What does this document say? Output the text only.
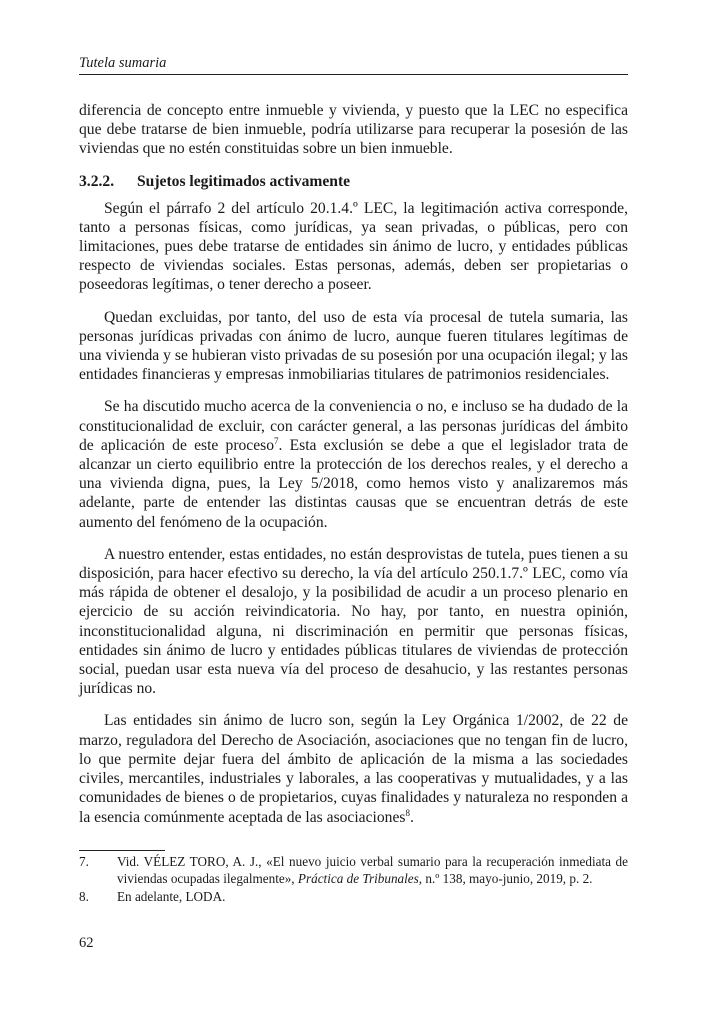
Tutela sumaria

diferencia de concepto entre inmueble y vivienda, y puesto que la LEC no especifica que debe tratarse de bien inmueble, podría utilizarse para recuperar la posesión de las viviendas que no estén constituidas sobre un bien inmueble.

3.2.2. Sujetos legitimados activamente

Según el párrafo 2 del artículo 20.1.4.º LEC, la legitimación activa corresponde, tanto a personas físicas, como jurídicas, ya sean privadas, o públicas, pero con limitaciones, pues debe tratarse de entidades sin ánimo de lucro, y entidades públicas respecto de viviendas sociales. Estas personas, además, deben ser propietarias o poseedoras legítimas, o tener derecho a poseer.

Quedan excluidas, por tanto, del uso de esta vía procesal de tutela sumaria, las personas jurídicas privadas con ánimo de lucro, aunque fueren titulares legítimas de una vivienda y se hubieran visto privadas de su posesión por una ocupación ilegal; y las entidades financieras y empresas inmobiliarias titulares de patrimonios residenciales.

Se ha discutido mucho acerca de la conveniencia o no, e incluso se ha dudado de la constitucionalidad de excluir, con carácter general, a las personas jurídicas del ámbito de aplicación de este proceso$^7$. Esta exclusión se debe a que el legislador trata de alcanzar un cierto equilibrio entre la protección de los derechos reales, y el derecho a una vivienda digna, pues, la Ley 5/2018, como hemos visto y analizaremos más adelante, parte de entender las distintas causas que se encuentran detrás de este aumento del fenómeno de la ocupación.

A nuestro entender, estas entidades, no están desprovistas de tutela, pues tienen a su disposición, para hacer efectivo su derecho, la vía del artículo 250.1.7.º LEC, como vía más rápida de obtener el desalojo, y la posibilidad de acudir a un proceso plenario en ejercicio de su acción reivindicatoria. No hay, por tanto, en nuestra opinión, inconstitucionalidad alguna, ni discriminación en permitir que personas físicas, entidades sin ánimo de lucro y entidades públicas titulares de viviendas de protección social, puedan usar esta nueva vía del proceso de desahucio, y las restantes personas jurídicas no.

Las entidades sin ánimo de lucro son, según la Ley Orgánica 1/2002, de 22 de marzo, reguladora del Derecho de Asociación, asociaciones que no tengan fin de lucro, lo que permite dejar fuera del ámbito de aplicación de la misma a las sociedades civiles, mercantiles, industriales y laborales, a las cooperativas y mutualidades, y a las comunidades de bienes o de propietarios, cuyas finalidades y naturaleza no responden a la esencia comúnmente aceptada de las asociaciones$^8$.

7.	Vid. VÉLEZ TORO, A. J., «El nuevo juicio verbal sumario para la recuperación inmediata de viviendas ocupadas ilegalmente», Práctica de Tribunales, n.º 138, mayo-junio, 2019, p. 2.
8.	En adelante, LODA.
62
